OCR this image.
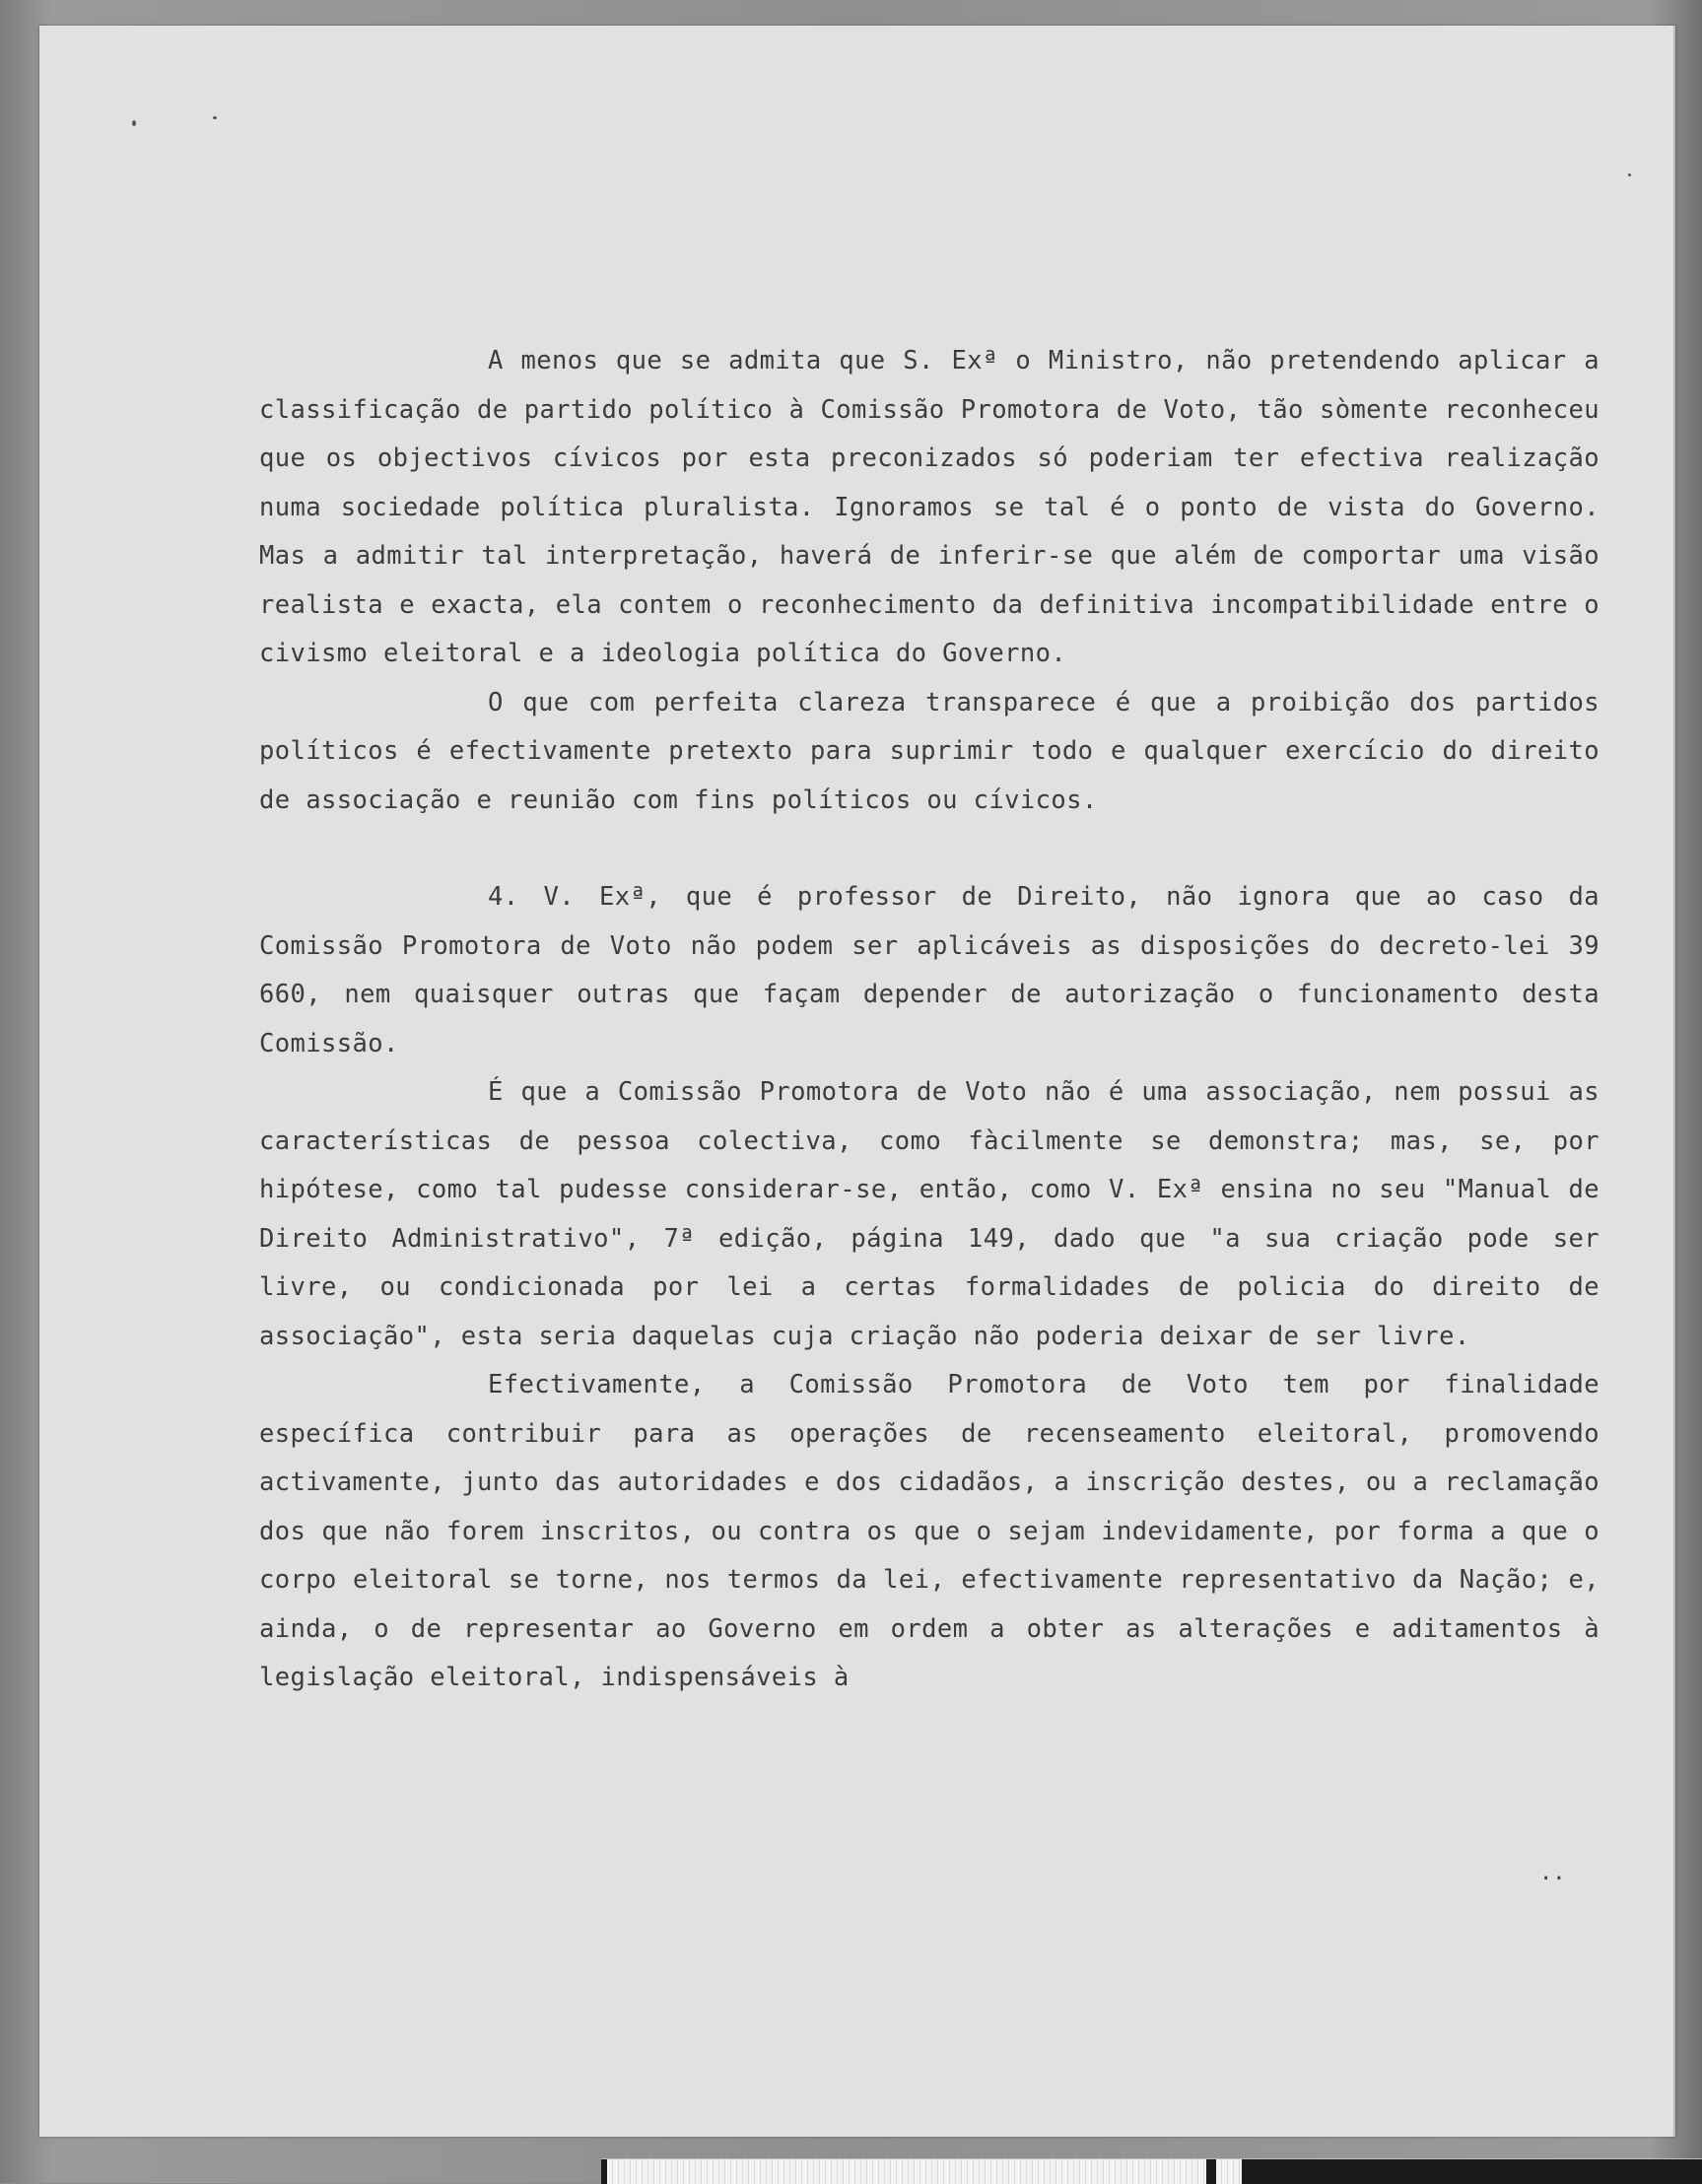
A menos que se admita que S. Exª o Ministro, não pretendendo aplicar a classificação de partido político à Comissão Promotora de Voto, tão sòmente reconheceu que os objectivos cívicos por esta preconizados só poderiam ter efectiva realização numa sociedade política pluralista. Ignoramos se tal é o ponto de vista do Governo. Mas a admitir tal interpretação, haverá de inferir-se que além de comportar uma visão realista e exacta, ela contem o reconhecimento da definitiva incompatibilidade entre o civismo eleitoral e a ideologia política do Governo.

O que com perfeita clareza transparece é que a proibição dos partidos políticos é efectivamente pretexto para suprimir todo e qualquer exercício do direito de associação e reunião com fins políticos ou cívicos.

4. V. Exª, que é professor de Direito, não ignora que ao caso da Comissão Promotora de Voto não podem ser aplicáveis as disposições do decreto-lei 39 660, nem quaisquer outras que façam depender de autorização o funcionamento desta Comissão.

É que a Comissão Promotora de Voto não é uma associação, nem possui as características de pessoa colectiva, como fàcilmente se demonstra; mas, se, por hipótese, como tal pudesse considerar-se, então, como V. Exª ensina no seu "Manual de Direito Administrativo", 7ª edição, página 149, dado que "a sua criação pode ser livre, ou condicionada por lei a certas formalidades de policia do direito de associação", esta seria daquelas cuja criação não poderia deixar de ser livre.

Efectivamente, a Comissão Promotora de Voto tem por finalidade específica contribuir para as operações de recenseamento eleitoral, promovendo activamente, junto das autoridades e dos cidadãos, a inscrição destes, ou a reclamação dos que não forem inscritos, ou contra os que o sejam indevidamente, por forma a que o corpo eleitoral se torne, nos termos da lei, efectivamente representativo da Nação; e, ainda, o de representar ao Governo em ordem a obter as alterações e aditamentos à legislação eleitoral, indispensáveis à

..
